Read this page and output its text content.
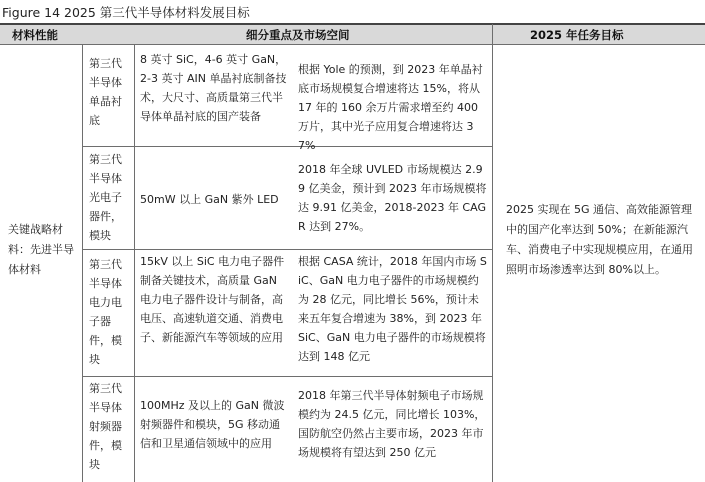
Figure 14 2025 第三代半导体材料发展目标
材料性能	细分重点及市场空间	2025 年任务目标
关键战略材料：先进半导体材料
第三代半导体单晶衬底
8 英寸 SiC，4-6 英寸 GaN，2-3 英寸 AIN 单晶衬底制备技术，大尺寸、高质量第三代半导体单晶衬底的国产装备
根据 Yole 的预测，到 2023 年单晶衬底市场规模复合增速将达 15%，将从 17 年的 160 余万片需求增至约 400 万片，其中光子应用复合增速将达 37%
第三代半导体光电子器件，模块
50mW 以上 GaN 紫外 LED
2018 年全球 UVLED 市场规模达 2.99 亿美金，预计到 2023 年市场规模将达 9.91 亿美金，2018-2023 年 CAGR 达到 27%。
第三代半导体电力电子器件，模块
15kV 以上 SiC 电力电子器件制备关键技术，高质量 GaN 电力电子器件设计与制备，高电压、高速轨道交通、消费电子、新能源汽车等领域的应用
根据 CASA 统计，2018 年国内市场 SiC、GaN 电力电子器件的市场规模约为 28 亿元，同比增长 56%，预计未来五年复合增速为 38%，到 2023 年 SiC、GaN 电力电子器件的市场规模将达到 148 亿元
第三代半导体射频器件，模块
100MHz 及以上的 GaN 微波射频器件和模块，5G 移动通信和卫星通信领域中的应用
2018 年第三代半导体射频电子市场规模约为 24.5 亿元，同比增长 103%，国防航空仍然占主要市场，2023 年市场规模将有望达到 250 亿元
2025 实现在 5G 通信、高效能源管理中的国产化率达到 50%；在新能源汽车、消费电子中实现规模应用，在通用照明市场渗透率达到 80%以上。
